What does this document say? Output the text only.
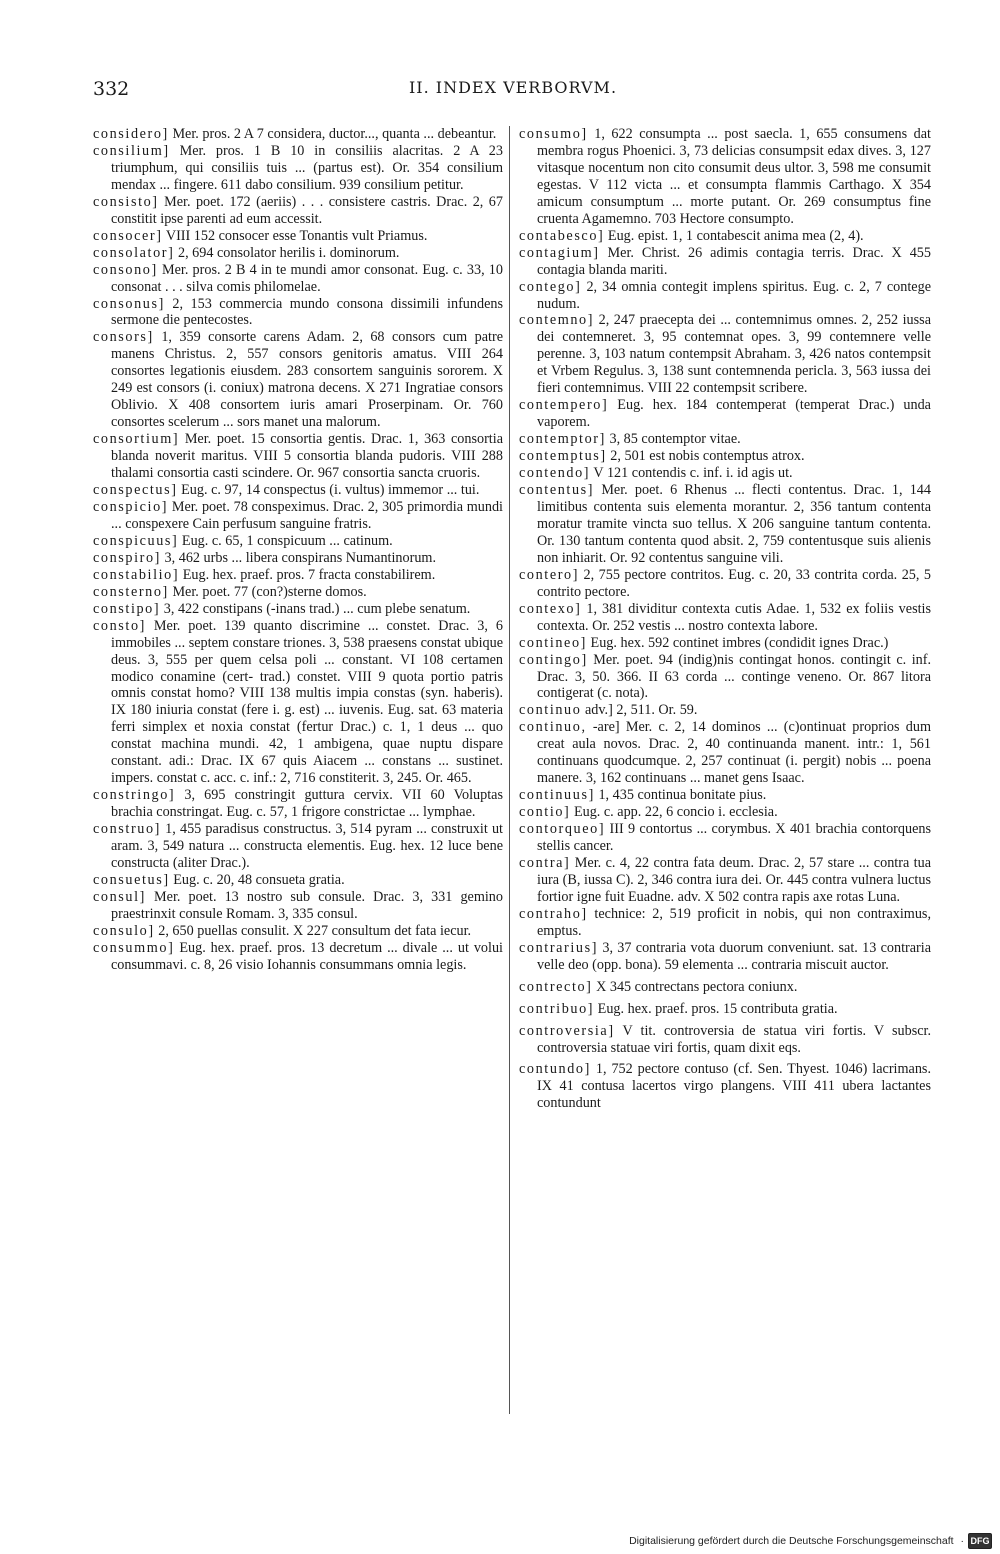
332	II. INDEX VERBORVM.

considero] Mer. pros. 2 A 7 considera, ductor..., quanta ... debeantur.

consilium] Mer. pros. 1 B 10 in consiliis alacritas. 2 A 23 triumphum, qui consiliis tuis ... (partus est). Or. 354 consilium mendax ... fingere. 611 dabo consilium. 939 consilium petitur.

consisto] Mer. poet. 172 (aeriis) . . . consistere castris. Drac. 2, 67 constitit ipse parenti ad eum accessit.

consocer] VIII 152 consocer esse Tonantis vult Priamus.

consolator] 2, 694 consolator herilis i. dominorum.

consono] Mer. pros. 2 B 4 in te mundi amor consonat. Eug. c. 33, 10 consonat . . . silva comis philomelae.

consonus] 2, 153 commercia mundo consona dissimili infundens sermone die pentecostes.

consors] 1, 359 consorte carens Adam. 2, 68 consors cum patre manens Christus. 2, 557 consors genitoris amatus. VIII 264 consortes legationis eiusdem. 283 consortem sanguinis sororem. X 249 est consors (i. coniux) matrona decens. X 271 Ingratiae consors Oblivio. X 408 consortem iuris amari Proserpinam. Or. 760 consortes scelerum ... sors manet una malorum.

consortium] Mer. poet. 15 consortia gentis. Drac. 1, 363 consortia blanda noverit maritus. VIII 5 consortia blanda pudoris. VIII 288 thalami consortia casti scindere. Or. 967 consortia sancta cruoris.

conspectus] Eug. c. 97, 14 conspectus (i. vultus) immemor ... tui.

conspicio] Mer. poet. 78 conspeximus. Drac. 2, 305 primordia mundi ... conspexere Cain perfusum sanguine fratris.

conspicuus] Eug. c. 65, 1 conspicuum ... catinum.

conspiro] 3, 462 urbs ... libera conspirans Numantinorum.

constabilio] Eug. hex. praef. pros. 7 fracta constabilirem.

consterno] Mer. poet. 77 (con?)sterne domos.

constipo] 3, 422 constipans (-inans trad.) ... cum plebe senatum.

consto] Mer. poet. 139 quanto discrimine ... constet. Drac. 3, 6 immobiles ... septem constare triones. 3, 538 praesens constat ubique deus. 3, 555 per quem celsa poli ... constant. VI 108 certamen modico conamine (cert- trad.) constet. VIII 9 quota portio patris omnis constat homo? VIII 138 multis impia constas (syn. haberis). IX 180 iniuria constat (fere i. g. est) ... iuvenis. Eug. sat. 63 materia ferri simplex et noxia constat (fertur Drac.) c. 1, 1 deus ... quo constat machina mundi. 42, 1 ambigena, quae nuptu dispare constant. adi.: Drac. IX 67 quis Aiacem ... constans ... sustinet. impers. constat c. acc. c. inf.: 2, 716 constiterit. 3, 245. Or. 465.

constringo] 3, 695 constringit guttura cervix. VII 60 Voluptas brachia constringat. Eug. c. 57, 1 frigore constrictae ... lymphae.

construo] 1, 455 paradisus constructus. 3, 514 pyram ... construxit ut aram. 3, 549 natura ... constructa elementis. Eug. hex. 12 luce bene constructa (aliter Drac.).

consuetus] Eug. c. 20, 48 consueta gratia.

consul] Mer. poet. 13 nostro sub consule. Drac. 3, 331 gemino praestrinxit consule Romam. 3, 335 consul.

consulo] 2, 650 puellas consulit. X 227 consultum det fata iecur.

consummo] Eug. hex. praef. pros. 13 decretum ... divale ... ut volui consummavi. c. 8, 26 visio Iohannis consummans omnia legis.

consumo] 1, 622 consumpta ... post saecla. 1, 655 consumens dat membra rogus Phoenici. 3, 73 delicias consumpsit edax dives. 3, 127 vitasque nocentum non cito consumit deus ultor. 3, 598 me consumit egestas. V 112 victa ... et consumpta flammis Carthago. X 354 amicum consumptum ... morte putant. Or. 269 consumptus fine cruenta Agamemno. 703 Hectore consumpto.

contabesco] Eug. epist. 1, 1 contabescit anima mea (2, 4).

contagium] Mer. Christ. 26 adimis contagia terris. Drac. X 455 contagia blanda mariti.

contego] 2, 34 omnia contegit implens spiritus. Eug. c. 2, 7 contege nudum.

contemno] 2, 247 praecepta dei ... contemnimus omnes. 2, 252 iussa dei contemneret. 3, 95 contemnat opes. 3, 99 contemnere velle perenne. 3, 103 natum contempsit Abraham. 3, 426 natos contempsit et Vrbem Regulus. 3, 138 sunt contemnenda pericla. 3, 563 iussa dei fieri contemnimus. VIII 22 contempsit scribere.

contempero] Eug. hex. 184 contemperat (temperat Drac.) unda vaporem.

contemptor] 3, 85 contemptor vitae.

contemptus] 2, 501 est nobis contemptus atrox.

contendo] V 121 contendis c. inf. i. id agis ut.

contentus] Mer. poet. 6 Rhenus ... flecti contentus. Drac. 1, 144 limitibus contenta suis elementa morantur. 2, 356 tantum contenta moratur tramite vincta suo tellus. X 206 sanguine tantum contenta. Or. 130 tantum contenta quod absit. 2, 759 contentusque suis alienis non inhiarit. Or. 92 contentus sanguine vili.

contero] 2, 755 pectore contritos. Eug. c. 20, 33 contrita corda. 25, 5 contrito pectore.

contexo] 1, 381 dividitur contexta cutis Adae. 1, 532 ex foliis vestis contexta. Or. 252 vestis ... nostro contexta labore.

contineo] Eug. hex. 592 continet imbres (condidit ignes Drac.)

contingo] Mer. poet. 94 (indig)nis contingat honos. contingit c. inf. Drac. 3, 50. 366. II 63 corda ... continge veneno. Or. 867 litora contigerat (c. nota).

continuo adv.] 2, 511. Or. 59.

continuo, -are] Mer. c. 2, 14 dominos ... (c)ontinuat proprios dum creat aula novos. Drac. 2, 40 continuanda manent. intr.: 1, 561 continuans quodcumque. 2, 257 continuat (i. pergit) nobis ... poena manere. 3, 162 continuans ... manet gens Isaac.

continuus] 1, 435 continua bonitate pius.

contio] Eug. c. app. 22, 6 concio i. ecclesia.

contorqueo] III 9 contortus ... corymbus. X 401 brachia contorquens stellis cancer.

contra] Mer. c. 4, 22 contra fata deum. Drac. 2, 57 stare ... contra tua iura (B, iussa C). 2, 346 contra iura dei. Or. 445 contra vulnera luctus fortior igne fuit Euadne. adv. X 502 contra rapis axe rotas Luna.

contraho] technice: 2, 519 proficit in nobis, qui non contraximus, emptus.

contrarius] 3, 37 contraria vota duorum conveniunt. sat. 13 contraria velle deo (opp. bona). 59 elementa ... contraria miscuit auctor.

contrecto] X 345 contrectans pectora coniunx.

contribuo] Eug. hex. praef. pros. 15 contributa gratia.

controversia] V tit. controversia de statua viri fortis. V subscr. controversia statuae viri fortis, quam dixit eqs.

contundo] 1, 752 pectore contuso (cf. Sen. Thyest. 1046) lacrimans. IX 41 contusa lacertos virgo plangens. VIII 411 ubera lactantes contundunt

Digitalisierung gefördert durch die Deutsche Forschungsgemeinschaft · DFG
